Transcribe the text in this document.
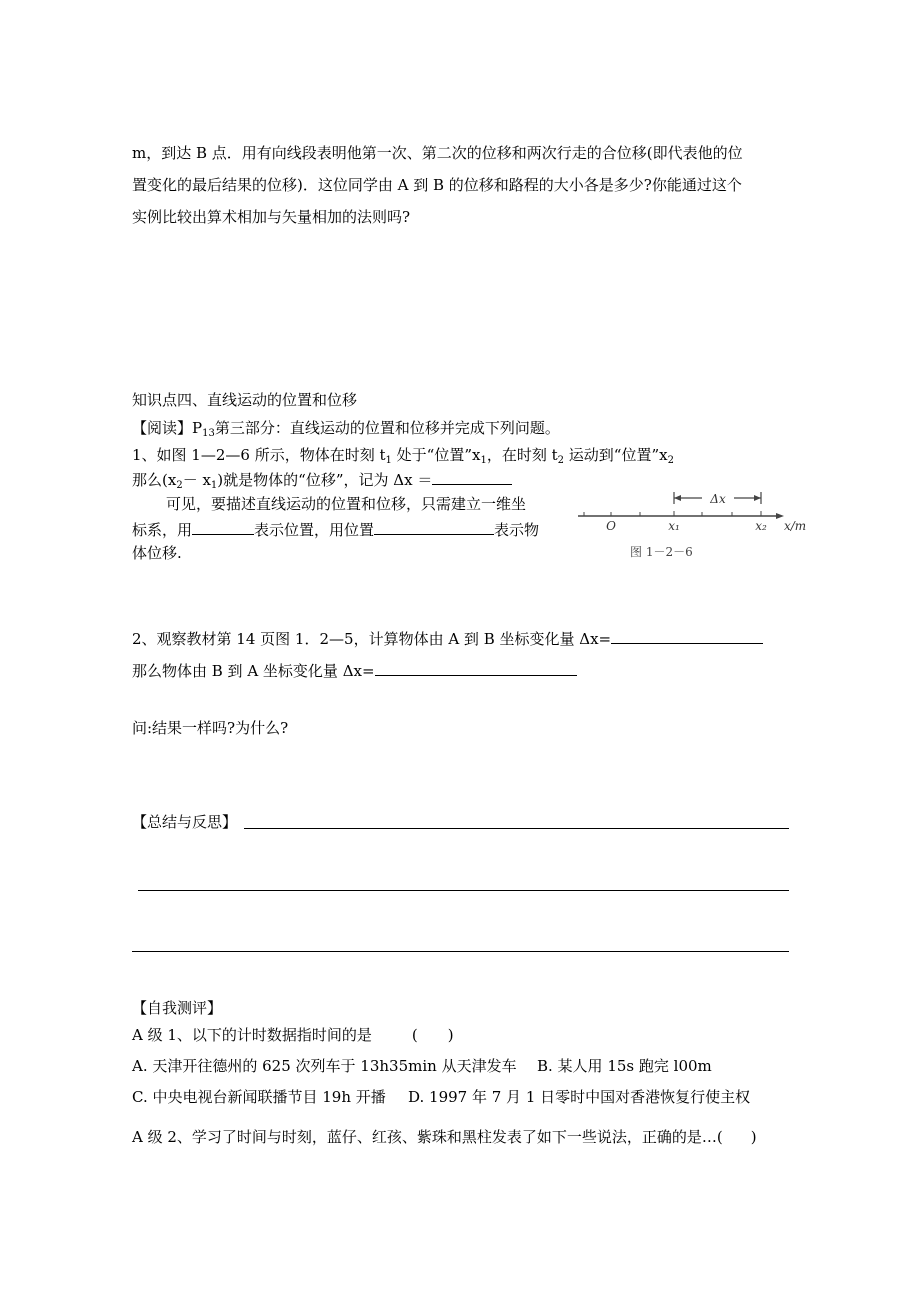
m，到达 B 点．用有向线段表明他第一次、第二次的位移和两次行走的合位移(即代表他的位
置变化的最后结果的位移)．这位同学由 A 到 B 的位移和路程的大小各是多少?你能通过这个
实例比较出算术相加与矢量相加的法则吗?
知识点四、直线运动的位置和位移
【阅读】$P_{13}$第三部分：直线运动的位置和位移并完成下列问题。
1、如图 1—2—6 所示，物体在时刻 $t_1$ 处于“位置$”x_1$，在时刻 $t_2$ 运动到“位置$”x_2$
那么$(x_2- x_1)$就是物体的“位移”，记为 Δx ＝
可见，要描述直线运动的位置和位移，只需建立一维坐
标系，用	表示位置，用位置	表示物
体位移.
Δx
O	x₁	x₂ x/m
图 1－2－6
2、观察教材第 14 页图 1．2—5，计算物体由 A 到 B 坐标变化量 Δx=
那么物体由 B 到 A 坐标变化量 Δx=
问:结果一样吗?为什么?
【总结与反思】
【自我测评】
A 级 1、以下的计时数据指时间的是	(　　)
A. 天津开往德州的 625 次列车于 13h35min 从天津发车 B. 某人用 15s 跑完 l00m
C. 中央电视台新闻联播节目 19h 开播 D. 1997 年 7 月 1 日零时中国对香港恢复行使主权
A 级 2、学习了时间与时刻，蓝仔、红孩、紫珠和黑柱发表了如下一些说法，正确的是…( )
